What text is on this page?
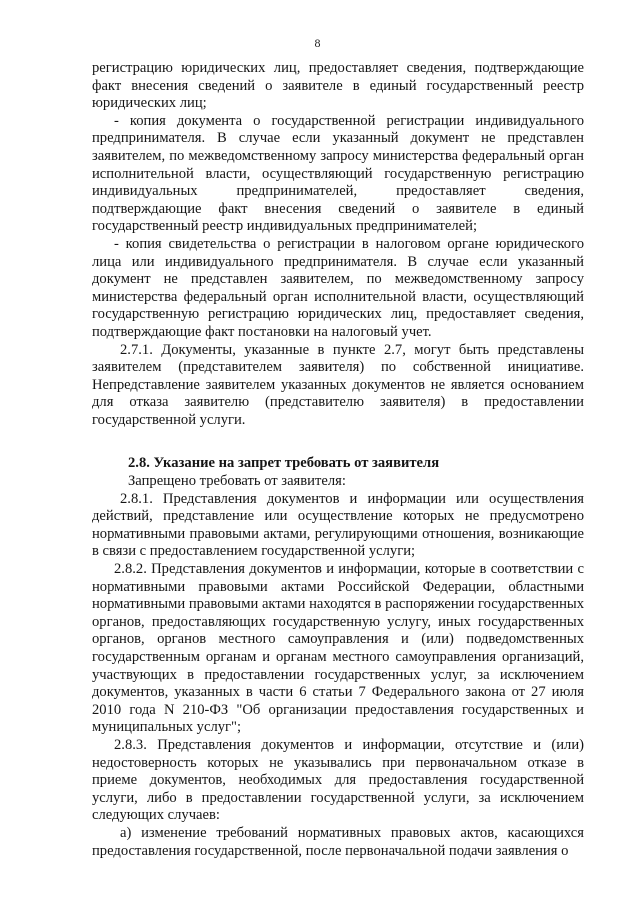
8

регистрацию юридических лиц, предоставляет сведения, подтверждающие факт внесения сведений о заявителе в единый государственный реестр юридических лиц;

- копия документа о государственной регистрации индивидуального предпринимателя. В случае если указанный документ не представлен заявителем, по межведомственному запросу министерства федеральный орган исполнительной власти, осуществляющий государственную регистрацию индивидуальных предпринимателей, предоставляет сведения, подтверждающие факт внесения сведений о заявителе в единый государственный реестр индивидуальных предпринимателей;

- копия свидетельства о регистрации в налоговом органе юридического лица или индивидуального предпринимателя. В случае если указанный документ не представлен заявителем, по межведомственному запросу министерства федеральный орган исполнительной власти, осуществляющий государственную регистрацию юридических лиц, предоставляет сведения, подтверждающие факт постановки на налоговый учет.

2.7.1. Документы, указанные в пункте 2.7, могут быть представлены заявителем (представителем заявителя) по собственной инициативе. Непредставление заявителем указанных документов не является основанием для отказа заявителю (представителю заявителя) в предоставлении государственной услуги.

2.8. Указание на запрет требовать от заявителя

Запрещено требовать от заявителя:

2.8.1. Представления документов и информации или осуществления действий, представление или осуществление которых не предусмотрено нормативными правовыми актами, регулирующими отношения, возникающие в связи с предоставлением государственной услуги;

2.8.2. Представления документов и информации, которые в соответствии с нормативными правовыми актами Российской Федерации, областными нормативными правовыми актами находятся в распоряжении государственных органов, предоставляющих государственную услугу, иных государственных органов, органов местного самоуправления и (или) подведомственных государственным органам и органам местного самоуправления организаций, участвующих в предоставлении государственных услуг, за исключением документов, указанных в части 6 статьи 7 Федерального закона от 27 июля 2010 года N 210-ФЗ "Об организации предоставления государственных и муниципальных услуг";

2.8.3. Представления документов и информации, отсутствие и (или) недостоверность которых не указывались при первоначальном отказе в приеме документов, необходимых для предоставления государственной услуги, либо в предоставлении государственной услуги, за исключением следующих случаев:

а) изменение требований нормативных правовых актов, касающихся предоставления государственной, после первоначальной подачи заявления о
